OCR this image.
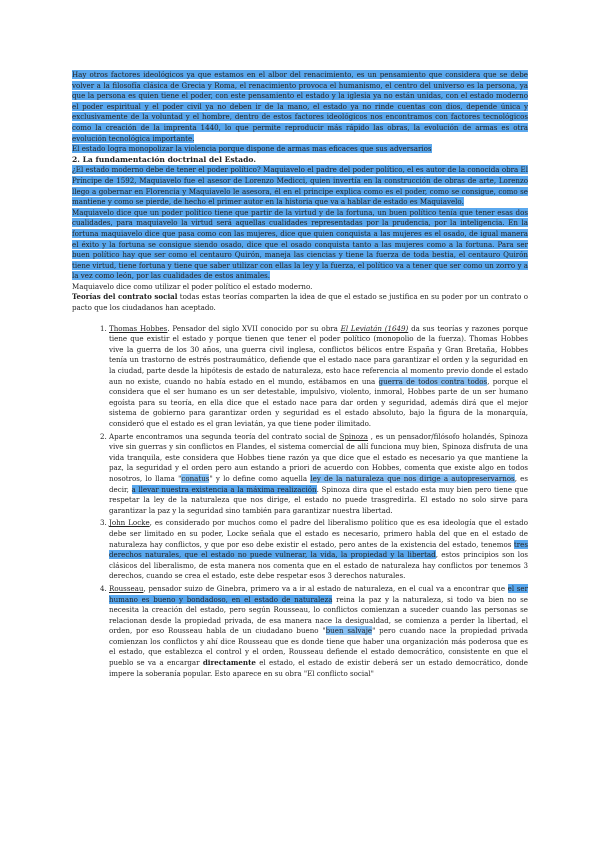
Hay otros factores ideológicos ya que estamos en el albor del renacimiento, es un pensamiento que considera que se debe volver a la filosofía clásica de Grecia y Roma, el renacimiento provoca el humanismo, el centro del universo es la persona, ya que la persona es quien tiene el poder, con este pensamiento el estado y la iglesia ya no están unidas, con el estado moderno el poder espiritual y el poder civil ya no deben ir de la mano, el estado ya no rinde cuentas con dios, depende única y exclusivamente de la voluntad y el hombre, dentro de estos factores ideológicos nos encontramos con factores tecnológicos como la creación de la imprenta 1440, lo que permite reproducir más rápido las obras, la evolución de armas es otra evolución tecnológica importante.

El estado logra monopolizar la violencia porque dispone de armas mas eficaces que sus adversarios

2. La fundamentación doctrinal del Estado.

¿El estado moderno debe de tener el poder político? Maquiavelo el padre del poder político, el es autor de la conocida obra El Príncipe de 1592, Maquiavelo fue el asesor de Lorenzo Medicci, quien invertía en la construcción de obras de arte, Lorenzo llego a gobernar en Florencia y Maquiavelo le asesora, él en el principe explica como es el poder, como se consigue, como se mantiene y como se pierde, de hecho el primer autor en la historia que va a hablar de estado es Maquiavelo.

Maquiavelo dice que un poder político tiene que partir de la virtud y de la fortuna, un buen político tenía que tener esas dos cualidades, para maquiavelo la virtud será aquellas cualidades representadas por la prudencia, por la inteligencia. En la fortuna maquiavelo dice que pasa como con las mujeres, dice que quien conquista a las mujeres es el osado, de igual manera el éxito y la fortuna se consigue siendo osado, dice que el osado conquista tanto a las mujeres como a la fortuna. Para ser buen político hay que ser como el centauro Quirón, maneja las ciencias y tiene la fuerza de toda bestia, el centauro Quirón tiene virtud, tiene fortuna y tiene que saber utilizar con ellas la ley y la fuerza, el político va a tener que ser como un zorro y a la vez como león, por las cualidades de estos animales.

Maquiavelo dice como utilizar el poder político el estado moderno.

Teorías del contrato social todas estas teorías comparten la idea de que el estado se justifica en su poder por un contrato o pacto que los ciudadanos han aceptado.

1. Thomas Hobbes. Pensador del siglo XVII conocido por su obra El Leviatán (1649) da sus teorías y razones porque tiene que existir el estado y porque tienen que tener el poder político (monopolio de la fuerza). Thomas Hobbes vive la guerra de los 30 años, una guerra civil inglesa, conflictos bélicos entre España y Gran Bretaña, Hobbes tenía un trastorno de estrés postraumático, defiende que el estado nace para garantizar el orden y la seguridad en la ciudad, parte desde la hipótesis de estado de naturaleza, esto hace referencia al momento previo donde el estado aun no existe, cuando no había estado en el mundo, estábamos en una guerra de todos contra todos, porque el considera que el ser humano es un ser detestable, impulsivo, violento, inmoral, Hobbes parte de un ser humano egoísta para su teoría, en ella dice que el estado nace para dar orden y seguridad, además dirá que el mejor sistema de gobierno para garantizar orden y seguridad es el estado absoluto, bajo la figura de la monarquía, consideró que el estado es el gran leviatán, ya que tiene poder ilimitado.
2. Aparte encontramos una segunda teoría del contrato social de Spinoza , es un pensador/filósofo holandés, Spinoza vive sin guerras y sin conflictos en Flandes, el sistema comercial de allí funciona muy bien, Spinoza disfruta de una vida tranquila, este considera que Hobbes tiene razón ya que dice que el estado es necesario ya que mantiene la paz, la seguridad y el orden pero aun estando a priori de acuerdo con Hobbes, comenta que existe algo en todos nosotros, lo llama "conatus" y lo define como aquella ley de la naturaleza que nos dirige a autopreservarnos, es decir, a llevar nuestra existencia a la máxima realización. Spinoza dira que el estado esta muy bien pero tiene que respetar la ley de la naturaleza que nos dirige, el estado no puede trasgredirla. El estado no solo sirve para garantizar la paz y la seguridad sino también para garantizar nuestra libertad.
3. John Locke, es considerado por muchos como el padre del liberalismo político que es esa ideología que el estado debe ser limitado en su poder, Locke señala que el estado es necesario, primero habla del que en el estado de naturaleza hay conflictos, y que por eso debe existir el estado, pero antes de la existencia del estado, tenemos tres derechos naturales, que el estado no puede vulnerar, la vida, la propiedad y la libertad, estos principios son los clásicos del liberalismo, de esta manera nos comenta que en el estado de naturaleza hay conflictos por tenemos 3 derechos, cuando se crea el estado, este debe respetar esos 3 derechos naturales.
4. Rousseau, pensador suizo de Ginebra, primero va a ir al estado de naturaleza, en el cual va a encontrar que el ser humano es bueno y bondadoso, en el estado de naturaleza reina la paz y la naturaleza, si todo va bien no se necesita la creación del estado, pero según Rousseau, lo conflictos comienzan a suceder cuando las personas se relacionan desde la propiedad privada, de esa manera nace la desigualdad, se comienza a perder la libertad, el orden, por eso Rousseau habla de un ciudadano bueno "buen salvaje" pero cuando nace la propiedad privada comienzan los conflictos y ahí dice Rousseau que es donde tiene que haber una organización más poderosa que es el estado, que establezca el control y el orden, Rousseau defiende el estado democrático, consistente en que el pueblo se va a encargar directamente el estado, el estado de existir deberá ser un estado democrático, donde impere la soberanía popular. Esto aparece en su obra "El conflicto social"
